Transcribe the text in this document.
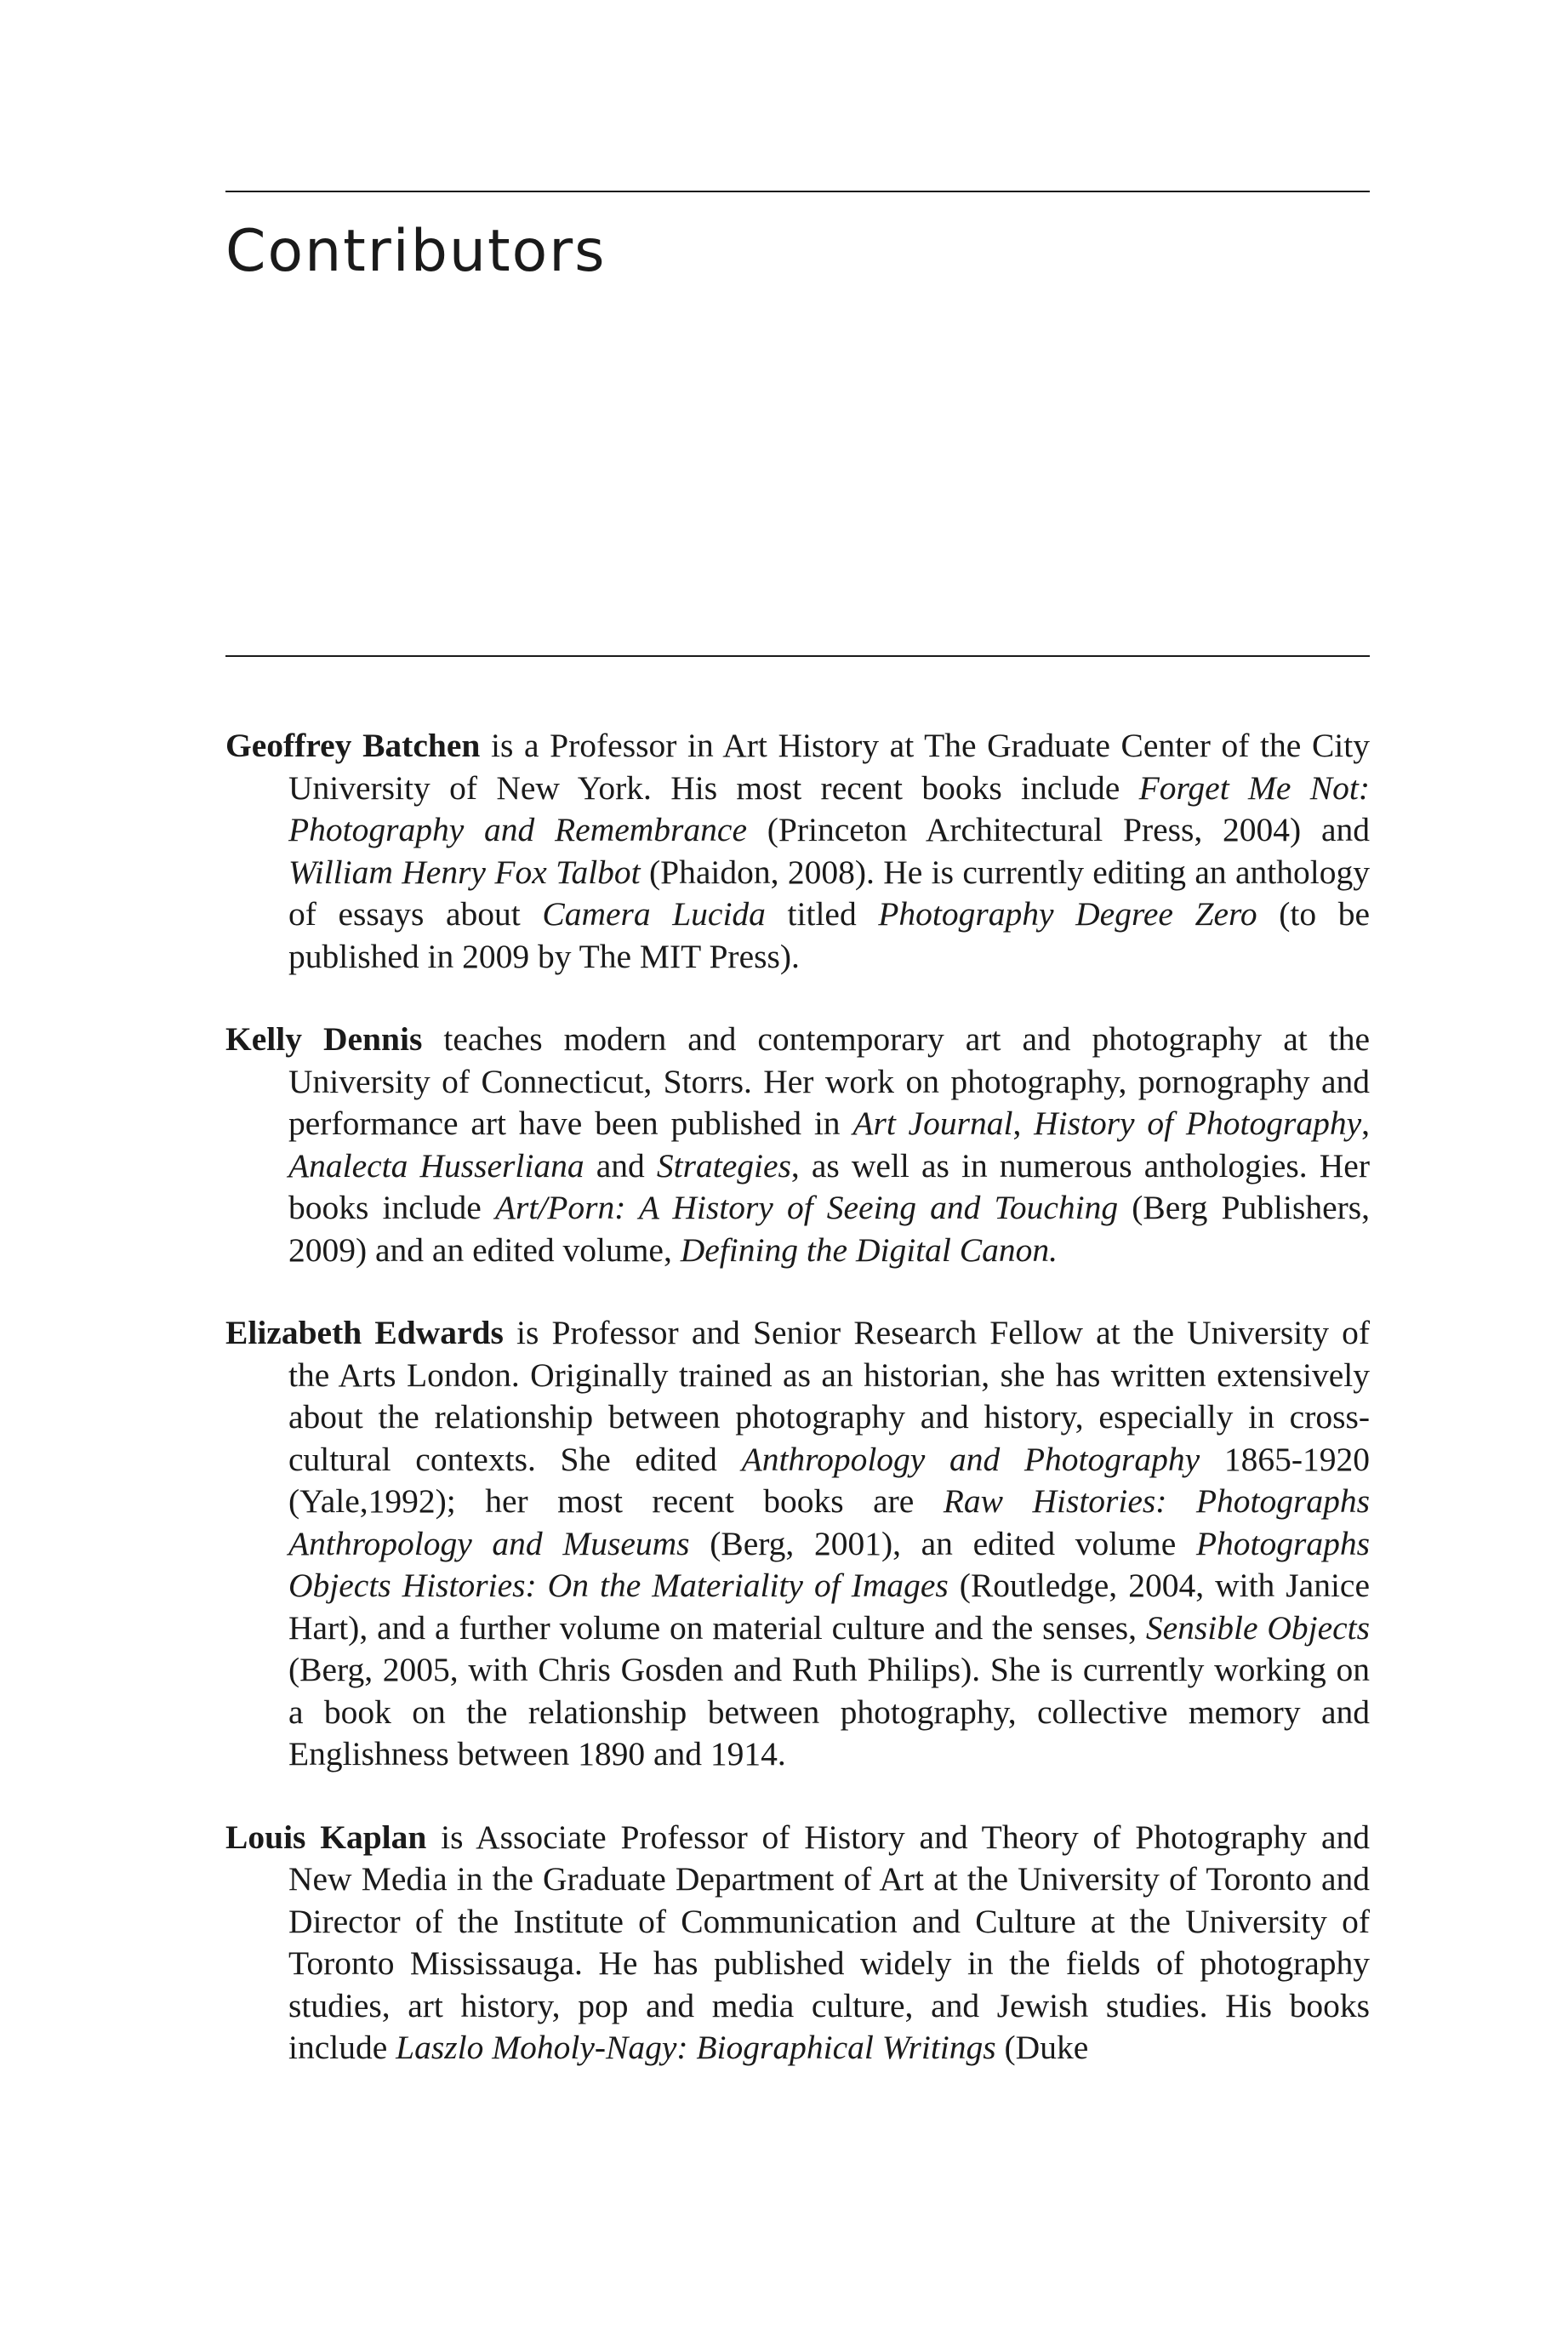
Contributors

Geoffrey Batchen is a Professor in Art History at The Graduate Center of the City University of New York. His most recent books include Forget Me Not: Photography and Remembrance (Princeton Architectural Press, 2004) and William Henry Fox Talbot (Phaidon, 2008). He is currently editing an anthology of essays about Camera Lucida titled Photography Degree Zero (to be published in 2009 by The MIT Press).

Kelly Dennis teaches modern and contemporary art and photography at the University of Connecticut, Storrs. Her work on photography, pornography and performance art have been published in Art Journal, History of Photography, Analecta Husserliana and Strategies, as well as in numerous anthologies. Her books include Art/Porn: A History of Seeing and Touching (Berg Publishers, 2009) and an edited volume, Defining the Digital Canon.

Elizabeth Edwards is Professor and Senior Research Fellow at the University of the Arts London. Originally trained as an historian, she has written extensively about the relationship between photography and history, especially in cross-cultural contexts. She edited Anthropology and Photography 1865-1920 (Yale,1992); her most recent books are Raw Histories: Photographs Anthropology and Museums (Berg, 2001), an edited volume Photographs Objects Histories: On the Materiality of Images (Routledge, 2004, with Janice Hart), and a further volume on material culture and the senses, Sensible Objects (Berg, 2005, with Chris Gosden and Ruth Philips). She is currently working on a book on the relationship between photography, collective memory and Englishness between 1890 and 1914.

Louis Kaplan is Associate Professor of History and Theory of Photography and New Media in the Graduate Department of Art at the University of Toronto and Director of the Institute of Communication and Culture at the University of Toronto Mississauga. He has published widely in the fields of photography studies, art history, pop and media culture, and Jewish studies. His books include Laszlo Moholy-Nagy: Biographical Writings (Duke
